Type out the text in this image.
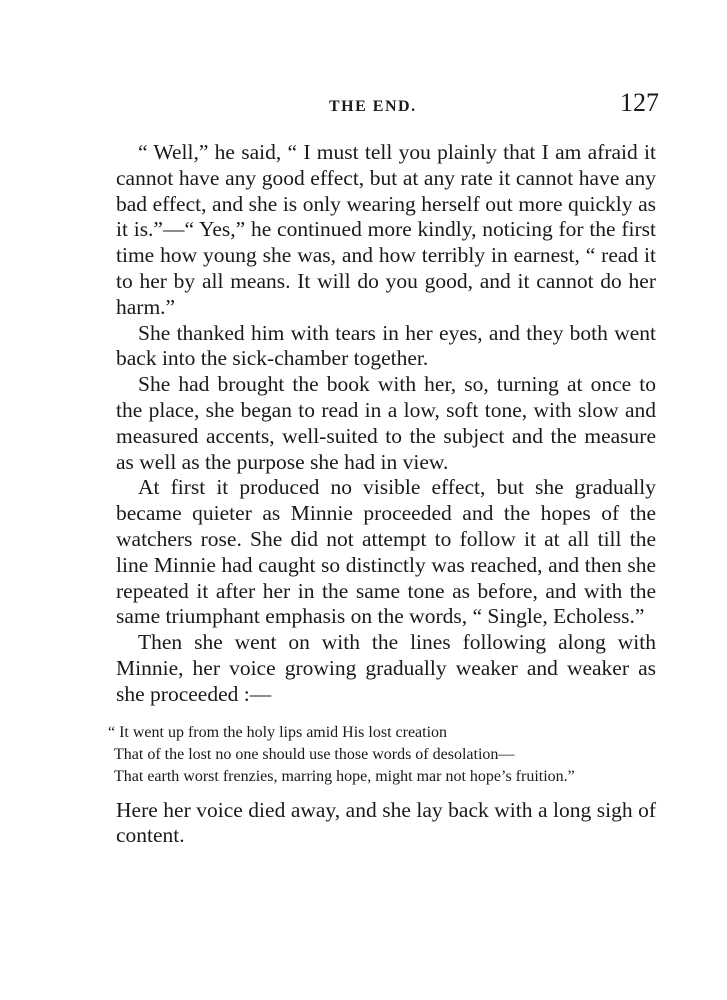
THE END.	127

“ Well,” he said, “ I must tell you plainly that I am afraid it cannot have any good effect, but at any rate it cannot have any bad effect, and she is only wearing herself out more quickly as it is.”—“ Yes,” he continued more kindly, noticing for the first time how young she was, and how terribly in earnest, “ read it to her by all means. It will do you good, and it cannot do her harm.”

She thanked him with tears in her eyes, and they both went back into the sick-chamber together.

She had brought the book with her, so, turning at once to the place, she began to read in a low, soft tone, with slow and measured accents, well-suited to the subject and the measure as well as the purpose she had in view.

At first it produced no visible effect, but she gradually became quieter as Minnie proceeded and the hopes of the watchers rose. She did not attempt to follow it at all till the line Minnie had caught so distinctly was reached, and then she repeated it after her in the same tone as before, and with the same triumphant emphasis on the words, “ Single, Echoless.”

Then she went on with the lines following along with Minnie, her voice growing gradually weaker and weaker as she proceeded :—

“ It went up from the holy lips amid His lost creation
That of the lost no one should use those words of desolation—
That earth worst frenzies, marring hope, might mar not hope’s fruition.”

Here her voice died away, and she lay back with a long sigh of content.
